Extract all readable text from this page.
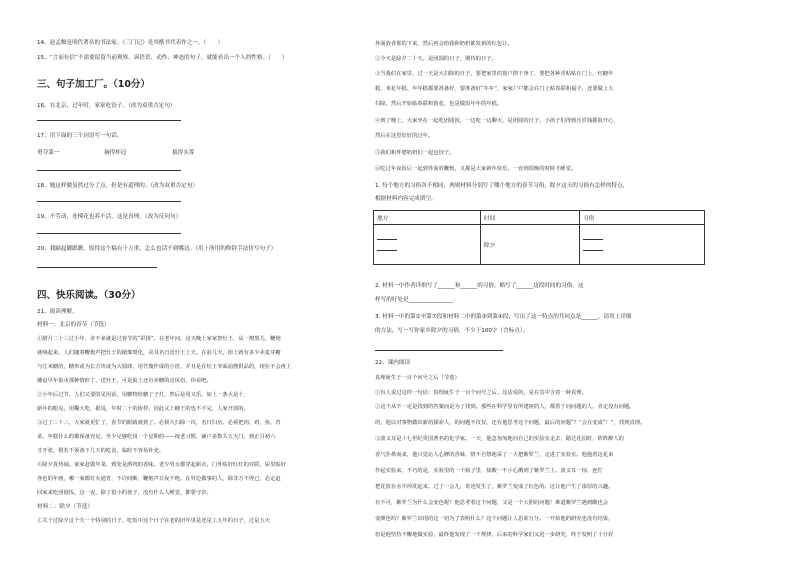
14、赵孟頫是明代著名的书法家。《三门记》是其楷书代表作之一。（　　）
15、“言而有信”不需要留留当前观察、谚语语、动作、神态的句子，就能看出一个人的性格。（　　）
三、句子加工厂。（10分）
16、在北京，过年时，家家吃饺子。（改为双重否定句）
17、用下面的三个词语写一句话。
勇夺第一	摘得桂冠	拔得头筹
18、她这样做虽然过分了点，但是有道理的。（改为双重否定句）
19、不劳动，连棵花也养不活，这是真理。（改为反问句）
20、我踮起脚跟瞧，饭得这个稿有千万重，怎么也话不到嘴边。（用上所用的修辞手法仿写句子）
四、快乐阅读。（30分）
21、阅读理解。
材料一：北京的春节（节选）
①腊月二十三过小年，差不多就是过春节的“彩排”。在老年间，这天晚上家家祭灶王，从一擦黑儿，鞭炮
就响起来，人们随着鞭炮声把灶王的纸像焚化，美其名曰送灶王上天。在前几天，街上就有多少卖麦芽糖
与江米糖的，糖形或为长方块或为大圆球，用竹篾作成的小筐，并且是在灶王爷面前摆供品的，现在不会再上
摊设早年街市那种情形了，送灶王，可是街上还有卖糖的这风俗，你看吧。
②小年后过节，人们又要的见用话，用糖物给糖了子灯，然后是用又乐，如上一条大是十，
新年的眼见，用糊大吃，据说，年时二十的街样，因此又上糖王的也不不完，人家开放的。
③过了二十三，大家就更忙了，春节的眼睛就到了。必须大扫除一次，名曰扫房。必须把肉、鸡、鱼、青
菜、年糕什么的都预备充足，至少足够吃用一个星期的——按老习惯，铺户多数关五天门，到正月初六
才开张，假若不预备下几天的吃食，临时不容易补充。
④除夕真热闹。家家赶做年菜，到处是酒肉的香味。老少男女都穿起新衣，门外贴好红红的对联，屋里贴好
各色的年画，哪一家都灯火通宵，不许间断，鞭炮声日夜不绝。在外边做事的人，除非万不得已，必定赶
回家来吃团圆饭。这一夜，除了很小的孩子，没有什么人睡觉，都要守岁。
材料二：除夕（节选）
①关于过除夕这个夫一个特别的日子。吃饭中这个日子在老的旧年里是还是工五年的日子，过是五天
外面放者那的下来，然后再会给我和奶奶都发新的红包让。
②今天是除夕二十天。是团圆的日子，期待的日子。
③当我们在家里，过一天是大扫除的日子。要把家里的窗户擦干净了，要把各种香帖贴在门上，红糖年
糕、米花年糕、年年糕都要准备好，要准备好“年年”，家家户户都会在门上贴春联和福字，还要做上大
扫除，然后开始贴春联和窗花，也是做饭年年的年糕。
④到了晚上，大家坐在一起吃团圆饭，一边吃一边聊天，是团圆的日子。小孩子们得到压岁钱都很开心，
然后在这里好好的过年。
⑤我们和外婆奶奶们一起包饺子。
⑥吃过年夜饭后一起到外面放鞭炮，又都是大家新年快乐，一直到很晚的时候才睡觉。
1. 每个地方的习俗各不相同，两则材料分别写了哪个地方的春节习俗，除夕这天的习俗有怎样的特点，
根据材料内容完成填空。
地方	时间	习俗

	除夕	

2. 材料一中作者详细写了______和______的习俗，略写了______这段时间的习俗，这
样写的好处是________________。
3. 材料一中的第②至第⑦段和材料二中的第③到第④段，写出了这一特点的共同点是______，请用上详细
的方法，写一写你家乡除夕的习俗，不少于100字（含标点）。
22、课内阅读
真理诞生于一百个问号之后（节选）
①有人说过这样一句话：真理诞生于一百个问号之后。这话说的，是在其中含着一种真理。
②这个从不一定是找到的答案而是为了找到。那些在科学里有所建树的人，都善于问问题的人，肯定没有问题。
的，他以对事物做出新的探索人，的问题不仅仅，还有他思考这个问题，最后的问题“？”会在变成“！”，找到真理。
③波义耳是十七世纪英国著名的化学家。一天，他急匆匆地向自己的实验室走去，路过花园时，阵阵醉人的
香气扑鼻而来，他只觉沁人心脾的香味，情不自禁地采了一大把紫罗兰，走进了实验室。他抱着这花束
作起实验来，不巧的是，实验里的一个瓶子里，盐酸一不小心溅到了紫罗兰上。波义耳一惊，连忙
把花放在水中冲洗起来。过了一会儿，奇迹发生了，紫罗兰变成了红色的。这让他产生了浓厚的兴趣。
有不可，紫罗兰为什么会变色呢？他思考着这个问题，又是一个大胆的问题！难道紫罗兰遇到酸也会
变颜色吗？紫罗兰出现的这一切为了表明什么？这个问题让人思索万分。一开始他的研究也没有结果，
但是他坚持不懈地做实验，最终他发现了一个规律，后来的科学家们又进一步研究，终于发明了十分好
